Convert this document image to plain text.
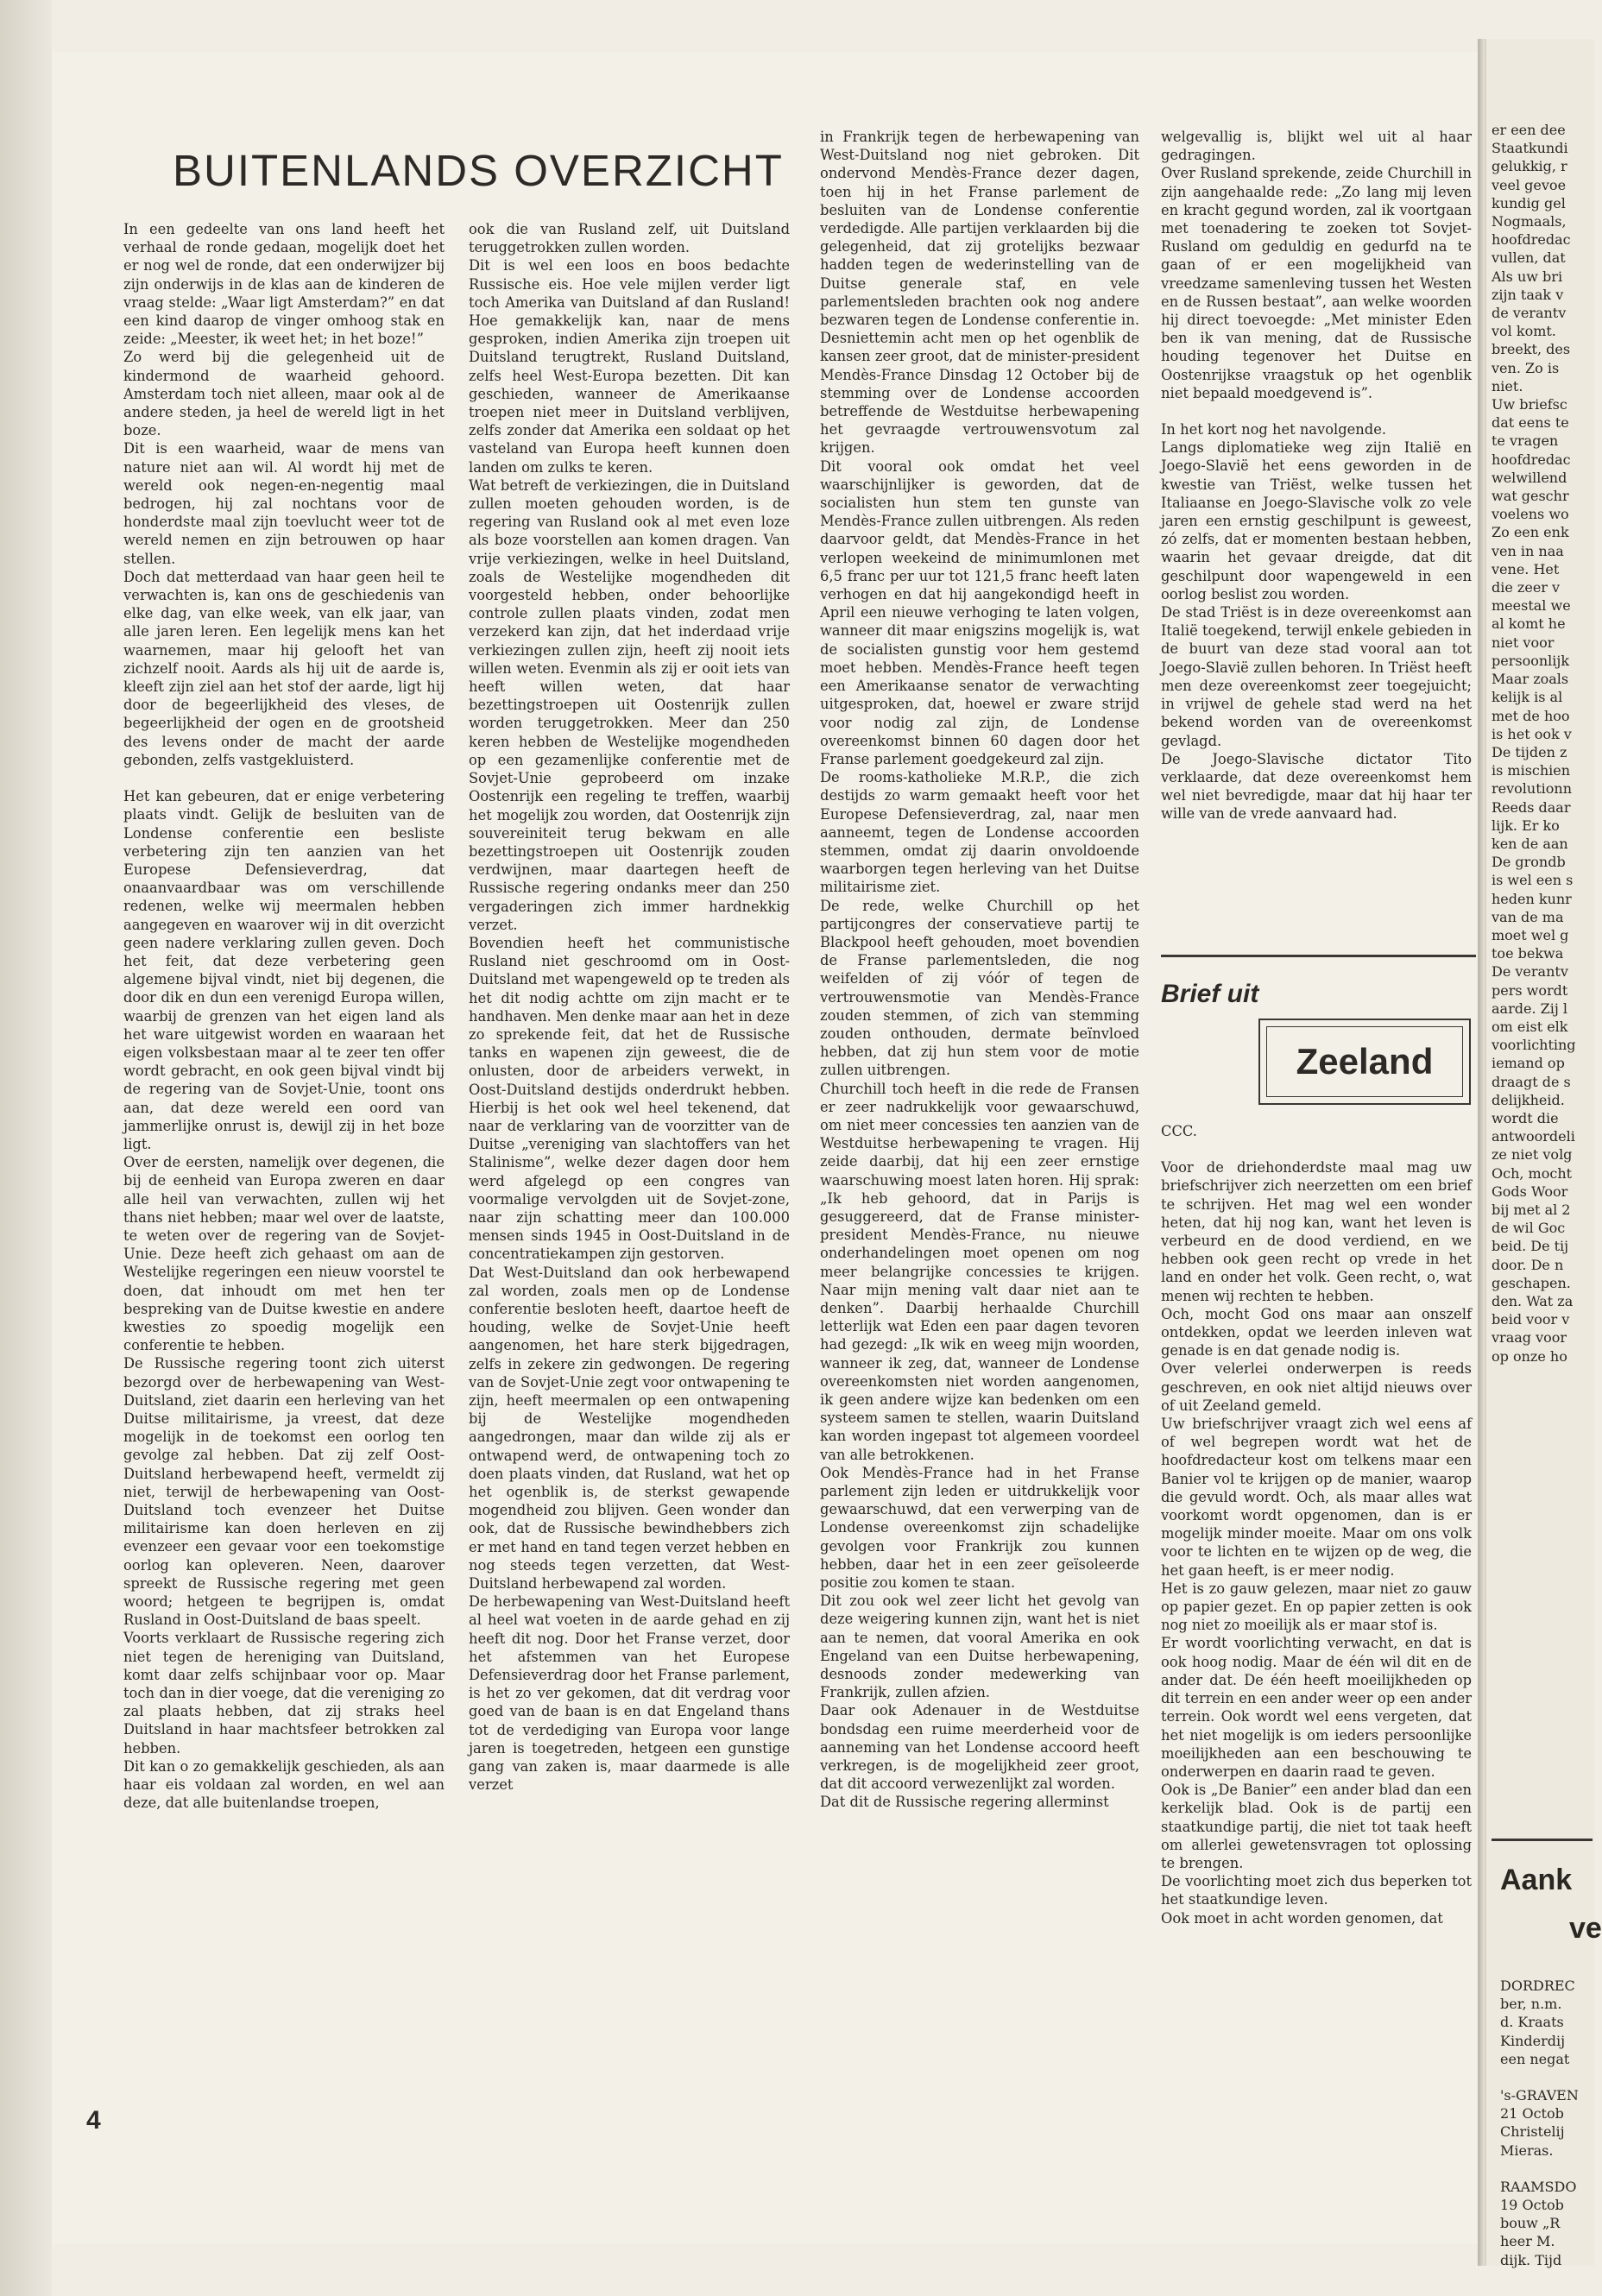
BUITENLANDS OVERZICHT

In een gedeelte van ons land heeft het verhaal de ronde gedaan, mogelijk doet het er nog wel de ronde, dat een onderwijzer bij zijn onderwijs in de klas aan de kinderen de vraag stelde: „Waar ligt Amsterdam?” en dat een kind daarop de vinger omhoog stak en zeide: „Meester, ik weet het; in het boze!”

Zo werd bij die gelegenheid uit de kindermond de waarheid gehoord. Amsterdam toch niet alleen, maar ook al de andere steden, ja heel de wereld ligt in het boze.

Dit is een waarheid, waar de mens van nature niet aan wil. Al wordt hij met de wereld ook negen-en-negentig maal bedrogen, hij zal nochtans voor de honderdste maal zijn toevlucht weer tot de wereld nemen en zijn betrouwen op haar stellen.

Doch dat metterdaad van haar geen heil te verwachten is, kan ons de geschiedenis van elke dag, van elke week, van elk jaar, van alle jaren leren. Een legelijk mens kan het waarnemen, maar hij gelooft het van zichzelf nooit. Aards als hij uit de aarde is, kleeft zijn ziel aan het stof der aarde, ligt hij door de begeerlijkheid des vleses, de begeerlijkheid der ogen en de grootsheid des levens onder de macht der aarde gebonden, zelfs vastgekluisterd.

Het kan gebeuren, dat er enige verbetering plaats vindt. Gelijk de besluiten van de Londense conferentie een besliste verbetering zijn ten aanzien van het Europese Defensieverdrag, dat onaanvaardbaar was om verschillende redenen, welke wij meermalen hebben aangegeven en waarover wij in dit overzicht geen nadere verklaring zullen geven. Doch het feit, dat deze verbetering geen algemene bijval vindt, niet bij degenen, die door dik en dun een verenigd Europa willen, waarbij de grenzen van het eigen land als het ware uitgewist worden en waaraan het eigen volksbestaan maar al te zeer ten offer wordt gebracht, en ook geen bijval vindt bij de regering van de Sovjet-Unie, toont ons aan, dat deze wereld een oord van jammerlijke onrust is, dewijl zij in het boze ligt.

Over de eersten, namelijk over degenen, die bij de eenheid van Europa zweren en daar alle heil van verwachten, zullen wij het thans niet hebben; maar wel over de laatste, te weten over de regering van de Sovjet-Unie. Deze heeft zich gehaast om aan de Westelijke regeringen een nieuw voorstel te doen, dat inhoudt om met hen ter bespreking van de Duitse kwestie en andere kwesties zo spoedig mogelijk een conferentie te hebben.

De Russische regering toont zich uiterst bezorgd over de herbewapening van West-Duitsland, ziet daarin een herleving van het Duitse militairisme, ja vreest, dat deze mogelijk in de toekomst een oorlog ten gevolge zal hebben. Dat zij zelf Oost-Duitsland herbewapend heeft, vermeldt zij niet, terwijl de herbewapening van Oost-Duitsland toch evenzeer het Duitse militairisme kan doen herleven en zij evenzeer een gevaar voor een toekomstige oorlog kan opleveren. Neen, daarover spreekt de Russische regering met geen woord; hetgeen te begrijpen is, omdat Rusland in Oost-Duitsland de baas speelt.

Voorts verklaart de Russische regering zich niet tegen de hereniging van Duitsland, komt daar zelfs schijnbaar voor op. Maar toch dan in dier voege, dat die vereniging zo zal plaats hebben, dat zij straks heel Duitsland in haar machtsfeer betrokken zal hebben.

Dit kan o zo gemakkelijk geschieden, als aan haar eis voldaan zal worden, en wel aan deze, dat alle buitenlandse troepen,

ook die van Rusland zelf, uit Duitsland teruggetrokken zullen worden.

Dit is wel een loos en boos bedachte Russische eis. Hoe vele mijlen verder ligt toch Amerika van Duitsland af dan Rusland! Hoe gemakkelijk kan, naar de mens gesproken, indien Amerika zijn troepen uit Duitsland terugtrekt, Rusland Duitsland, zelfs heel West-Europa bezetten. Dit kan geschieden, wanneer de Amerikaanse troepen niet meer in Duitsland verblijven, zelfs zonder dat Amerika een soldaat op het vasteland van Europa heeft kunnen doen landen om zulks te keren.

Wat betreft de verkiezingen, die in Duitsland zullen moeten gehouden worden, is de regering van Rusland ook al met even loze als boze voorstellen aan komen dragen. Van vrije verkiezingen, welke in heel Duitsland, zoals de Westelijke mogendheden dit voorgesteld hebben, onder behoorlijke controle zullen plaats vinden, zodat men verzekerd kan zijn, dat het inderdaad vrije verkiezingen zullen zijn, heeft zij nooit iets willen weten. Evenmin als zij er ooit iets van heeft willen weten, dat haar bezettingstroepen uit Oostenrijk zullen worden teruggetrokken. Meer dan 250 keren hebben de Westelijke mogendheden op een gezamenlijke conferentie met de Sovjet-Unie geprobeerd om inzake Oostenrijk een regeling te treffen, waarbij het mogelijk zou worden, dat Oostenrijk zijn souvereiniteit terug bekwam en alle bezettingstroepen uit Oostenrijk zouden verdwijnen, maar daartegen heeft de Russische regering ondanks meer dan 250 vergaderingen zich immer hardnekkig verzet.

Bovendien heeft het communistische Rusland niet geschroomd om in Oost-Duitsland met wapengeweld op te treden als het dit nodig achtte om zijn macht er te handhaven. Men denke maar aan het in deze zo sprekende feit, dat het de Russische tanks en wapenen zijn geweest, die de onlusten, door de arbeiders verwekt, in Oost-Duitsland destijds onderdrukt hebben. Hierbij is het ook wel heel tekenend, dat naar de verklaring van de voorzitter van de Duitse „vereniging van slachtoffers van het Stalinisme”, welke dezer dagen door hem werd afgelegd op een congres van voormalige vervolgden uit de Sovjet-zone, naar zijn schatting meer dan 100.000 mensen sinds 1945 in Oost-Duitsland in de concentratiekampen zijn gestorven.

Dat West-Duitsland dan ook herbewapend zal worden, zoals men op de Londense conferentie besloten heeft, daartoe heeft de houding, welke de Sovjet-Unie heeft aangenomen, het hare sterk bijgedragen, zelfs in zekere zin gedwongen. De regering van de Sovjet-Unie zegt voor ontwapening te zijn, heeft meermalen op een ontwapening bij de Westelijke mogendheden aangedrongen, maar dan wilde zij als er ontwapend werd, de ontwapening toch zo doen plaats vinden, dat Rusland, wat het op het ogenblik is, de sterkst gewapende mogendheid zou blijven. Geen wonder dan ook, dat de Russische bewindhebbers zich er met hand en tand tegen verzet hebben en nog steeds tegen verzetten, dat West-Duitsland herbewapend zal worden.

De herbewapening van West-Duitsland heeft al heel wat voeten in de aarde gehad en zij heeft dit nog. Door het Franse verzet, door het afstemmen van het Europese Defensieverdrag door het Franse parlement, is het zo ver gekomen, dat dit verdrag voor goed van de baan is en dat Engeland thans tot de verdediging van Europa voor lange jaren is toegetreden, hetgeen een gunstige gang van zaken is, maar daarmede is alle verzet

in Frankrijk tegen de herbewapening van West-Duitsland nog niet gebroken. Dit ondervond Mendès-France dezer dagen, toen hij in het Franse parlement de besluiten van de Londense conferentie verdedigde. Alle partijen verklaarden bij die gelegenheid, dat zij grotelijks bezwaar hadden tegen de wederinstelling van de Duitse generale staf, en vele parlementsleden brachten ook nog andere bezwaren tegen de Londense conferentie in. Desniettemin acht men op het ogenblik de kansen zeer groot, dat de minister-president Mendès-France Dinsdag 12 October bij de stemming over de Londense accoorden betreffende de Westduitse herbewapening het gevraagde vertrouwensvotum zal krijgen.

Dit vooral ook omdat het veel waarschijnlijker is geworden, dat de socialisten hun stem ten gunste van Mendès-France zullen uitbrengen. Als reden daarvoor geldt, dat Mendès-France in het verlopen weekeind de minimumlonen met 6,5 franc per uur tot 121,5 franc heeft laten verhogen en dat hij aangekondigd heeft in April een nieuwe verhoging te laten volgen, wanneer dit maar enigszins mogelijk is, wat de socialisten gunstig voor hem gestemd moet hebben. Mendès-France heeft tegen een Amerikaanse senator de verwachting uitgesproken, dat, hoewel er zware strijd voor nodig zal zijn, de Londense overeenkomst binnen 60 dagen door het Franse parlement goedgekeurd zal zijn.

De rooms-katholieke M.R.P., die zich destijds zo warm gemaakt heeft voor het Europese Defensieverdrag, zal, naar men aanneemt, tegen de Londense accoorden stemmen, omdat zij daarin onvoldoende waarborgen tegen herleving van het Duitse militairisme ziet.

De rede, welke Churchill op het partijcongres der conservatieve partij te Blackpool heeft gehouden, moet bovendien de Franse parlementsleden, die nog weifelden of zij vóór of tegen de vertrouwensmotie van Mendès-France zouden stemmen, of zich van stemming zouden onthouden, dermate beïnvloed hebben, dat zij hun stem voor de motie zullen uitbrengen.

Churchill toch heeft in die rede de Fransen er zeer nadrukkelijk voor gewaarschuwd, om niet meer concessies ten aanzien van de Westduitse herbewapening te vragen. Hij zeide daarbij, dat hij een zeer ernstige waarschuwing moest laten horen. Hij sprak: „Ik heb gehoord, dat in Parijs is gesuggereerd, dat de Franse minister-president Mendès-France, nu nieuwe onderhandelingen moet openen om nog meer belangrijke concessies te krijgen. Naar mijn mening valt daar niet aan te denken”. Daarbij herhaalde Churchill letterlijk wat Eden een paar dagen tevoren had gezegd: „Ik wik en weeg mijn woorden, wanneer ik zeg, dat, wanneer de Londense overeenkomsten niet worden aangenomen, ik geen andere wijze kan bedenken om een systeem samen te stellen, waarin Duitsland kan worden ingepast tot algemeen voordeel van alle betrokkenen.

Ook Mendès-France had in het Franse parlement zijn leden er uitdrukkelijk voor gewaarschuwd, dat een verwerping van de Londense overeenkomst zijn schadelijke gevolgen voor Frankrijk zou kunnen hebben, daar het in een zeer geïsoleerde positie zou komen te staan.

Dit zou ook wel zeer licht het gevolg van deze weigering kunnen zijn, want het is niet aan te nemen, dat vooral Amerika en ook Engeland van een Duitse herbewapening, desnoods zonder medewerking van Frankrijk, zullen afzien.

Daar ook Adenauer in de Westduitse bondsdag een ruime meerderheid voor de aanneming van het Londense accoord heeft verkregen, is de mogelijkheid zeer groot, dat dit accoord verwezenlijkt zal worden.

Dat dit de Russische regering allerminst

welgevallig is, blijkt wel uit al haar gedragingen.

Over Rusland sprekende, zeide Churchill in zijn aangehaalde rede: „Zo lang mij leven en kracht gegund worden, zal ik voortgaan met toenadering te zoeken tot Sovjet-Rusland om geduldig en gedurfd na te gaan of er een mogelijkheid van vreedzame samenleving tussen het Westen en de Russen bestaat”, aan welke woorden hij direct toevoegde: „Met minister Eden ben ik van mening, dat de Russische houding tegenover het Duitse en Oostenrijkse vraagstuk op het ogenblik niet bepaald moedgevend is”.

In het kort nog het navolgende.

Langs diplomatieke weg zijn Italië en Joego-Slavië het eens geworden in de kwestie van Triëst, welke tussen het Italiaanse en Joego-Slavische volk zo vele jaren een ernstig geschilpunt is geweest, zó zelfs, dat er momenten bestaan hebben, waarin het gevaar dreigde, dat dit geschilpunt door wapengeweld in een oorlog beslist zou worden.

De stad Triëst is in deze overeenkomst aan Italië toegekend, terwijl enkele gebieden in de buurt van deze stad vooral aan tot Joego-Slavië zullen behoren. In Triëst heeft men deze overeenkomst zeer toegejuicht; in vrijwel de gehele stad werd na het bekend worden van de overeenkomst gevlagd.

De Joego-Slavische dictator Tito verklaarde, dat deze overeenkomst hem wel niet bevredigde, maar dat hij haar ter wille van de vrede aanvaard had.

Brief uit
Zeeland

CCC.

Voor de driehonderdste maal mag uw briefschrijver zich neerzetten om een brief te schrijven. Het mag wel een wonder heten, dat hij nog kan, want het leven is verbeurd en de dood verdiend, en we hebben ook geen recht op vrede in het land en onder het volk. Geen recht, o, wat menen wij rechten te hebben.

Och, mocht God ons maar aan onszelf ontdekken, opdat we leerden inleven wat genade is en dat genade nodig is.

Over velerlei onderwerpen is reeds geschreven, en ook niet altijd nieuws over of uit Zeeland gemeld.

Uw briefschrijver vraagt zich wel eens af of wel begrepen wordt wat het de hoofdredacteur kost om telkens maar een Banier vol te krijgen op de manier, waarop die gevuld wordt. Och, als maar alles wat voorkomt wordt opgenomen, dan is er mogelijk minder moeite. Maar om ons volk voor te lichten en te wijzen op de weg, die het gaan heeft, is er meer nodig.

Het is zo gauw gelezen, maar niet zo gauw op papier gezet. En op papier zetten is ook nog niet zo moeilijk als er maar stof is.

Er wordt voorlichting verwacht, en dat is ook hoog nodig. Maar de één wil dit en de ander dat. De één heeft moeilijkheden op dit terrein en een ander weer op een ander terrein. Ook wordt wel eens vergeten, dat het niet mogelijk is om ieders persoonlijke moeilijkheden aan een beschouwing te onderwerpen en daarin raad te geven.

Ook is „De Banier” een ander blad dan een kerkelijk blad. Ook is de partij een staatkundige partij, die niet tot taak heeft om allerlei gewetensvragen tot oplossing te brengen.

De voorlichting moet zich dus beperken tot het staatkundige leven.

Ook moet in acht worden genomen, dat

4
er een dee
Staatkundi
gelukkig, r
veel gevoe
kundig gel
Nogmaals,
hoofdredac
vullen, dat
Als uw bri
zijn taak v
de verantv
vol komt.
breekt, des
ven. Zo is
niet.
Uw briefsc
dat eens te
te vragen
hoofdredac
welwillend
wat geschr
voelens wo
Zo een enk
ven in naa
vene. Het
die zeer v
meestal we
al komt he
niet voor
persoonlijk
Maar zoals
kelijk is al
met de hoo
is het ook v
De tijden z
is mischien
revolutionn
Reeds daar
lijk. Er ko
ken de aan
De grondb
is wel een s
heden kunr
van de ma
moet wel g
toe bekwa
De verantv
pers wordt
aarde. Zij l
om eist elk
voorlichting
iemand op
draagt de s
delijkheid.
wordt die
antwoordeli
ze niet volg
Och, mocht
Gods Woor
bij met al 2
de wil Goc
beid. De tij
door. De n
geschapen.
den. Wat za
beid voor v
vraag voor
op onze ho
Aank
ve
DORDREC
ber, n.m.
d. Kraats
Kinderdij
een negat
's-GRAVEN
21 Octob
Christelij
Mieras.
RAAMSDO
19 Octob
bouw „R
heer M.
dijk. Tijd
